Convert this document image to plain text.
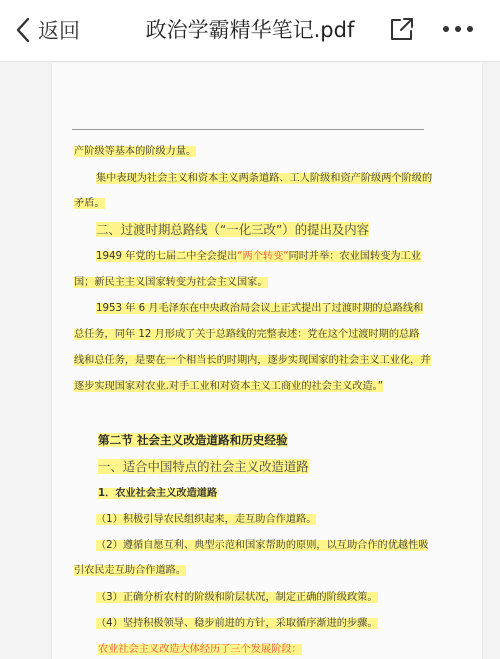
返回	政治学霸精华笔记.pdf
产阶级等基本的阶级力量。
集中表现为社会主义和资本主义两条道路、工人阶级和资产阶级两个阶级的
矛盾。
二、过渡时期总路线（“一化三改”）的提出及内容
1949 年党的七届二中全会提出“两个转变”同时并举：农业国转变为工业
国；新民主主义国家转变为社会主义国家。
1953 年 6 月毛泽东在中央政治局会议上正式提出了过渡时期的总路线和
总任务，同年 12 月形成了关于总路线的完整表述：党在这个过渡时期的总路
线和总任务，是要在一个相当长的时期内，逐步实现国家的社会主义工业化，并
逐步实现国家对农业.对手工业和对资本主义工商业的社会主义改造。”
第二节 社会主义改造道路和历史经验
一、适合中国特点的社会主义改造道路
1．农业社会主义改造道路
（1）积极引导农民组织起来，走互助合作道路。
（2）遵循自愿互利、典型示范和国家帮助的原则，以互助合作的优越性吸
引农民走互助合作道路。
（3）正确分析农村的阶级和阶层状况，制定正确的阶级政策。
（4）坚持积极领导、稳步前进的方针，采取循序渐进的步骤。
农业社会主义改造大体经历了三个发展阶段：
